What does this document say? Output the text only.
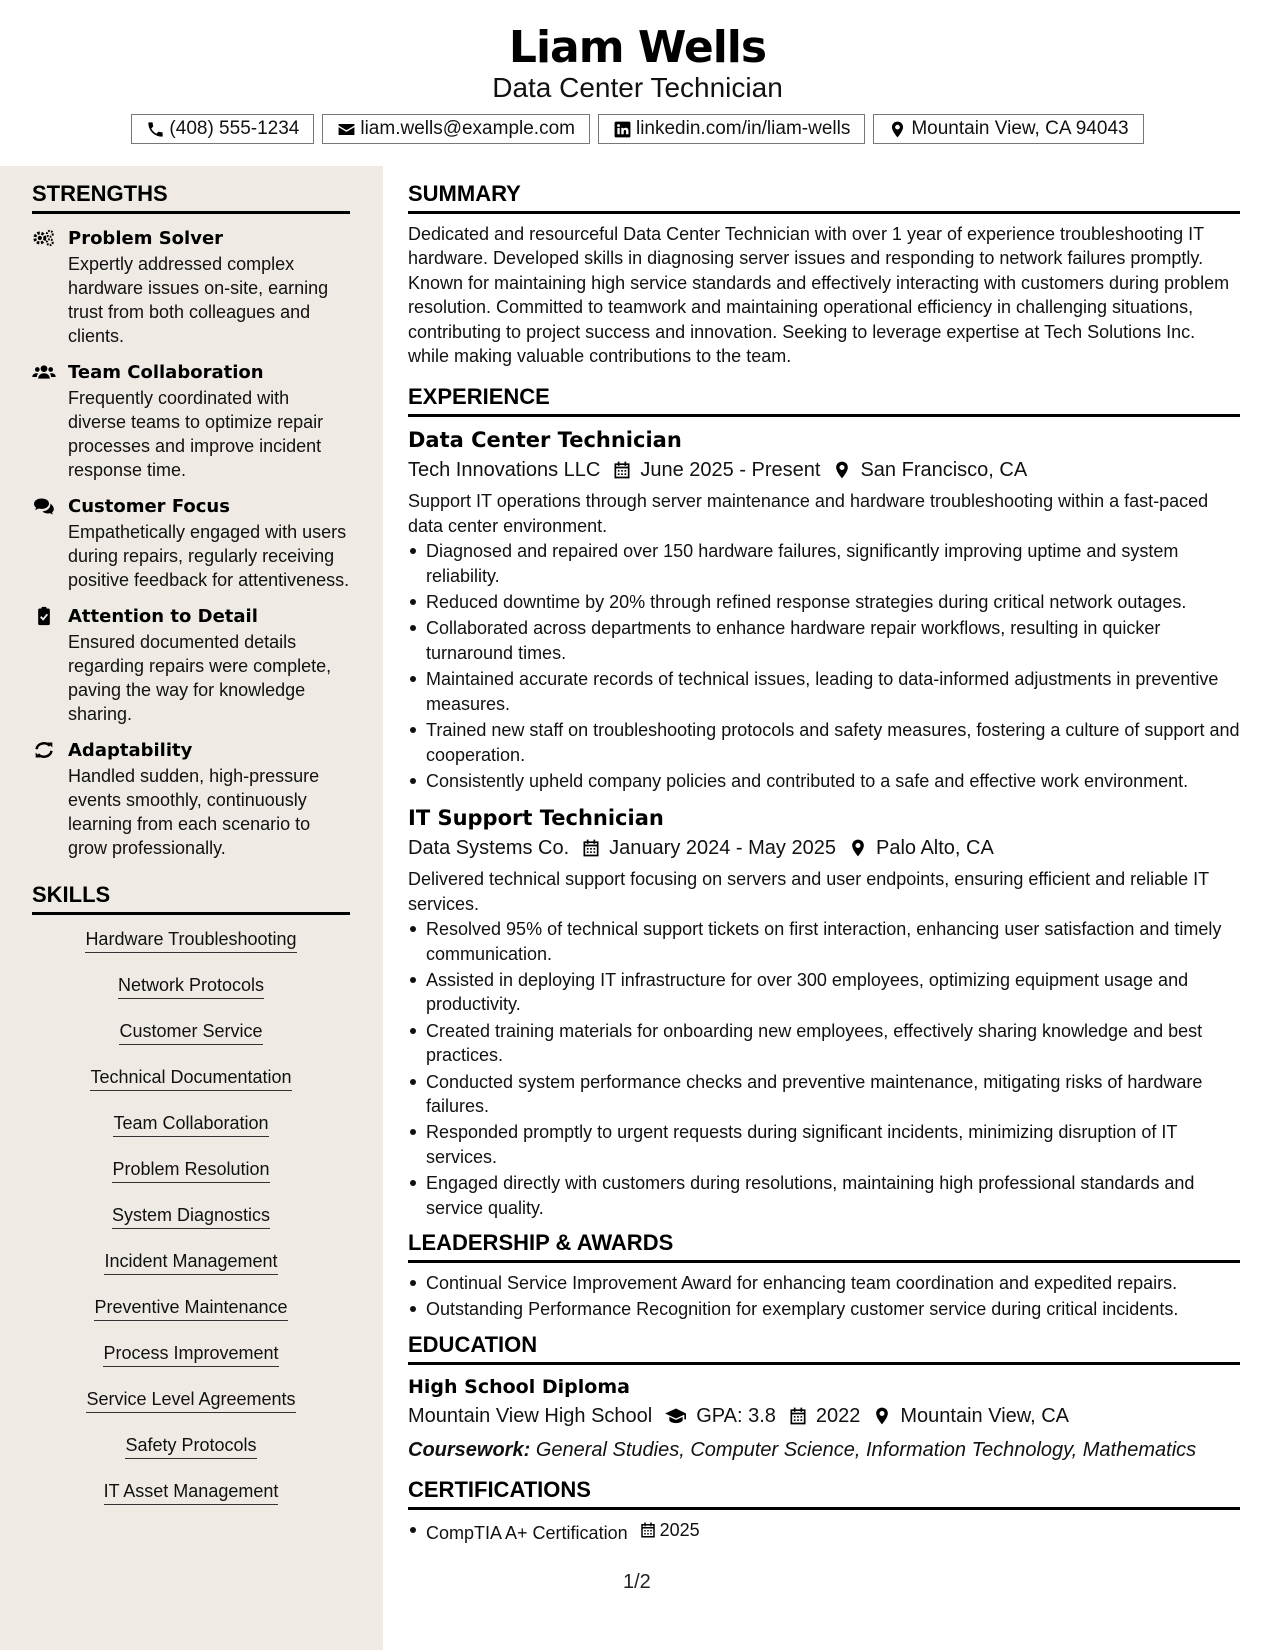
Liam Wells
Data Center Technician
(408) 555-1234	liam.wells@example.com	linkedin.com/in/liam-wells	Mountain View, CA 94043
STRENGTHS
Problem Solver
Expertly addressed complex hardware issues on-site, earning trust from both colleagues and clients.
Team Collaboration
Frequently coordinated with diverse teams to optimize repair processes and improve incident response time.
Customer Focus
Empathetically engaged with users during repairs, regularly receiving positive feedback for attentiveness.
Attention to Detail
Ensured documented details regarding repairs were complete, paving the way for knowledge sharing.
Adaptability
Handled sudden, high-pressure events smoothly, continuously learning from each scenario to grow professionally.
SKILLS
Hardware Troubleshooting
Network Protocols
Customer Service
Technical Documentation
Team Collaboration
Problem Resolution
System Diagnostics
Incident Management
Preventive Maintenance
Process Improvement
Service Level Agreements
Safety Protocols
IT Asset Management
SUMMARY
Dedicated and resourceful Data Center Technician with over 1 year of experience troubleshooting IT hardware. Developed skills in diagnosing server issues and responding to network failures promptly. Known for maintaining high service standards and effectively interacting with customers during problem resolution. Committed to teamwork and maintaining operational efficiency in challenging situations, contributing to project success and innovation. Seeking to leverage expertise at Tech Solutions Inc. while making valuable contributions to the team.
EXPERIENCE
Data Center Technician
Tech Innovations LLC June 2025 - Present San Francisco, CA
Support IT operations through server maintenance and hardware troubleshooting within a fast-paced data center environment.
Diagnosed and repaired over 150 hardware failures, significantly improving uptime and system reliability.
Reduced downtime by 20% through refined response strategies during critical network outages.
Collaborated across departments to enhance hardware repair workflows, resulting in quicker turnaround times.
Maintained accurate records of technical issues, leading to data-informed adjustments in preventive measures.
Trained new staff on troubleshooting protocols and safety measures, fostering a culture of support and cooperation.
Consistently upheld company policies and contributed to a safe and effective work environment.
IT Support Technician
Data Systems Co. January 2024 - May 2025 Palo Alto, CA
Delivered technical support focusing on servers and user endpoints, ensuring efficient and reliable IT services.
Resolved 95% of technical support tickets on first interaction, enhancing user satisfaction and timely communication.
Assisted in deploying IT infrastructure for over 300 employees, optimizing equipment usage and productivity.
Created training materials for onboarding new employees, effectively sharing knowledge and best practices.
Conducted system performance checks and preventive maintenance, mitigating risks of hardware failures.
Responded promptly to urgent requests during significant incidents, minimizing disruption of IT services.
Engaged directly with customers during resolutions, maintaining high professional standards and service quality.
LEADERSHIP & AWARDS
Continual Service Improvement Award for enhancing team coordination and expedited repairs.
Outstanding Performance Recognition for exemplary customer service during critical incidents.
EDUCATION
High School Diploma
Mountain View High School GPA: 3.8 2022 Mountain View, CA
Coursework: General Studies, Computer Science, Information Technology, Mathematics
CERTIFICATIONS
CompTIA A+ Certification 2025
1/2
